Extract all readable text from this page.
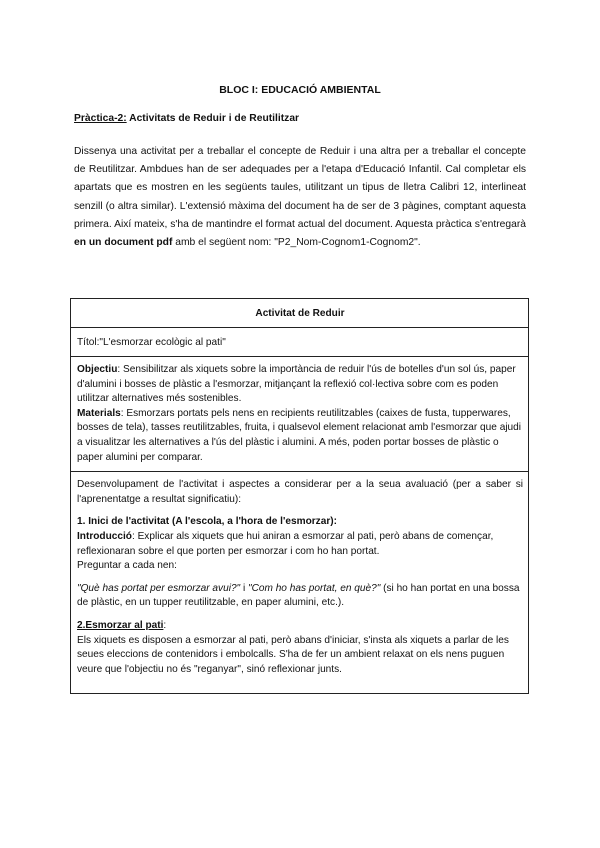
BLOC I: EDUCACIÓ AMBIENTAL
Pràctica-2: Activitats de Reduir i de Reutilitzar
Dissenya una activitat per a treballar el concepte de Reduir i una altra per a treballar el concepte de Reutilitzar. Ambdues han de ser adequades per a l'etapa d'Educació Infantil. Cal completar els apartats que es mostren en les següents taules, utilitzant un tipus de lletra Calibri 12, interlineat senzill (o altra similar). L'extensió màxima del document ha de ser de 3 pàgines, comptant aquesta primera. Així mateix, s'ha de mantindre el format actual del document. Aquesta pràctica s'entregarà en un document pdf amb el següent nom: "P2_Nom-Cognom1-Cognom2".
Activitat de Reduir
Títol:"L'esmorzar ecològic al pati"
Objectiu: Sensibilitzar als xiquets sobre la importància de reduir l'ús de botelles d'un sol ús, paper d'alumini i bosses de plàstic a l'esmorzar, mitjançant la reflexió col·lectiva sobre com es poden utilitzar alternatives més sostenibles.
Materials: Esmorzars portats pels nens en recipients reutilitzables (caixes de fusta, tupperwares, bosses de tela), tasses reutilitzables, fruita, i qualsevol element relacionat amb l'esmorzar que ajudi a visualitzar les alternatives a l'ús del plàstic i alumini. A més, poden portar bosses de plàstic o paper alumini per comparar.

Desenvolupament de l'activitat i aspectes a considerar per a la seua avaluació (per a saber si l'aprenentatge a resultat significatiu):

1. Inici de l'activitat (A l'escola, a l'hora de l'esmorzar):

Introducció: Explicar als xiquets que hui aniran a esmorzar al pati, però abans de començar, reflexionaran sobre el que porten per esmorzar i com ho han portat.

Preguntar a cada nen:

"Què has portat per esmorzar avui?" i "Com ho has portat, en què?" (si ho han portat en una bossa de plàstic, en un tupper reutilitzable, en paper alumini, etc.).

2.Esmorzar al pati:

Els xiquets es disposen a esmorzar al pati, però abans d'iniciar, s'insta als xiquets a parlar de les seues eleccions de contenidors i embolcalls. S'ha de fer un ambient relaxat on els nens puguen veure que l'objectiu no és "reganyar", sinó reflexionar junts.
